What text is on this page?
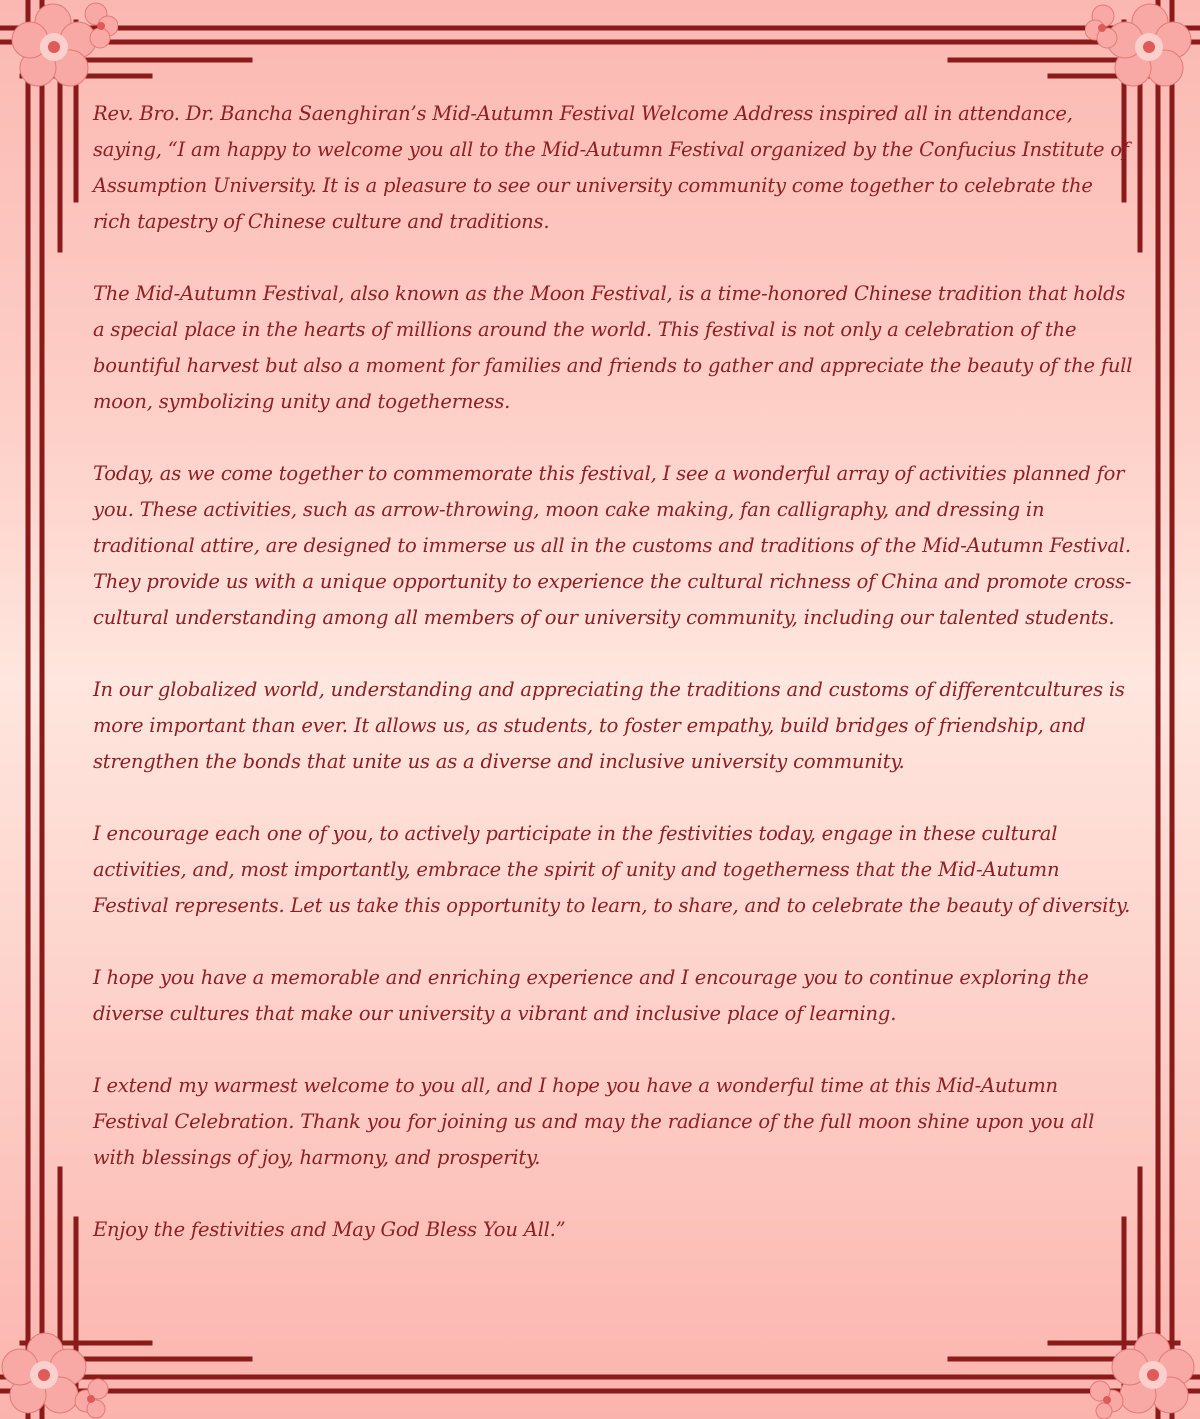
Rev. Bro. Dr. Bancha Saenghiran’s Mid-Autumn Festival Welcome Address inspired all in attendance, saying, “I am happy to welcome you all to the Mid-Autumn Festival organized by the Confucius Institute of Assumption University. It is a pleasure to see our university community come together to celebrate the rich tapestry of Chinese culture and traditions.

The Mid-Autumn Festival, also known as the Moon Festival, is a time-honored Chinese tradition that holds a special place in the hearts of millions around the world. This festival is not only a celebration of the bountiful harvest but also a moment for families and friends to gather and appreciate the beauty of the full moon, symbolizing unity and togetherness.

Today, as we come together to commemorate this festival, I see a wonderful array of activities planned for you. These activities, such as arrow-throwing, moon cake making, fan calligraphy, and dressing in traditional attire, are designed to immerse us all in the customs and traditions of the Mid-Autumn Festival. They provide us with a unique opportunity to experience the cultural richness of China and promote cross-cultural understanding among all members of our university community, including our talented students.

In our globalized world, understanding and appreciating the traditions and customs of differentcultures is more important than ever. It allows us, as students, to foster empathy, build bridges of friendship, and strengthen the bonds that unite us as a diverse and inclusive university community.

I encourage each one of you, to actively participate in the festivities today, engage in these cultural activities, and, most importantly, embrace the spirit of unity and togetherness that the Mid-Autumn Festival represents. Let us take this opportunity to learn, to share, and to celebrate the beauty of diversity.

I hope you have a memorable and enriching experience and I encourage you to continue exploring the diverse cultures that make our university a vibrant and inclusive place of learning.

I extend my warmest welcome to you all, and I hope you have a wonderful time at this Mid-Autumn Festival Celebration. Thank you for joining us and may the radiance of the full moon shine upon you all with blessings of joy, harmony, and prosperity.

Enjoy the festivities and May God Bless You All.”
